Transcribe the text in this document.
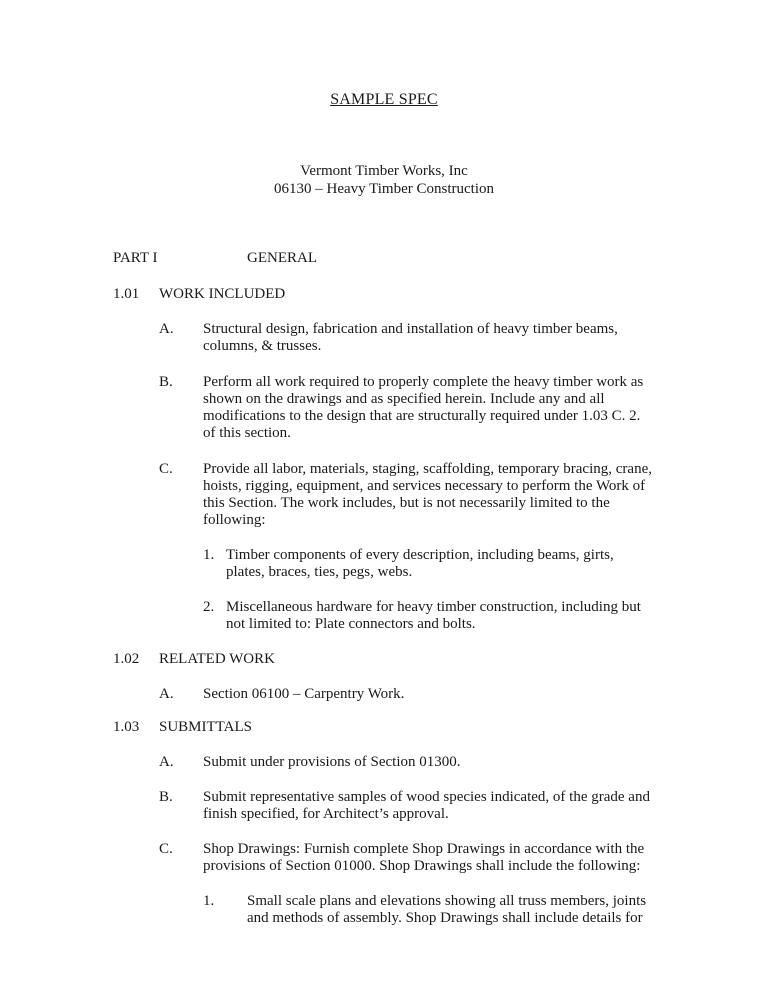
SAMPLE SPEC
Vermont Timber Works, Inc
06130 – Heavy Timber Construction
PART I	GENERAL
1.01 WORK INCLUDED
A. Structural design, fabrication and installation of heavy timber beams, columns, & trusses.
B. Perform all work required to properly complete the heavy timber work as shown on the drawings and as specified herein. Include any and all modifications to the design that are structurally required under 1.03 C. 2. of this section.
C. Provide all labor, materials, staging, scaffolding, temporary bracing, crane, hoists, rigging, equipment, and services necessary to perform the Work of this Section. The work includes, but is not necessarily limited to the following:
1. Timber components of every description, including beams, girts, plates, braces, ties, pegs, webs.
2. Miscellaneous hardware for heavy timber construction, including but not limited to: Plate connectors and bolts.
1.02 RELATED WORK
A. Section 06100 – Carpentry Work.
1.03 SUBMITTALS
A. Submit under provisions of Section 01300.
B. Submit representative samples of wood species indicated, of the grade and finish specified, for Architect’s approval.
C. Shop Drawings: Furnish complete Shop Drawings in accordance with the provisions of Section 01000. Shop Drawings shall include the following:
1. Small scale plans and elevations showing all truss members, joints and methods of assembly. Shop Drawings shall include details for
